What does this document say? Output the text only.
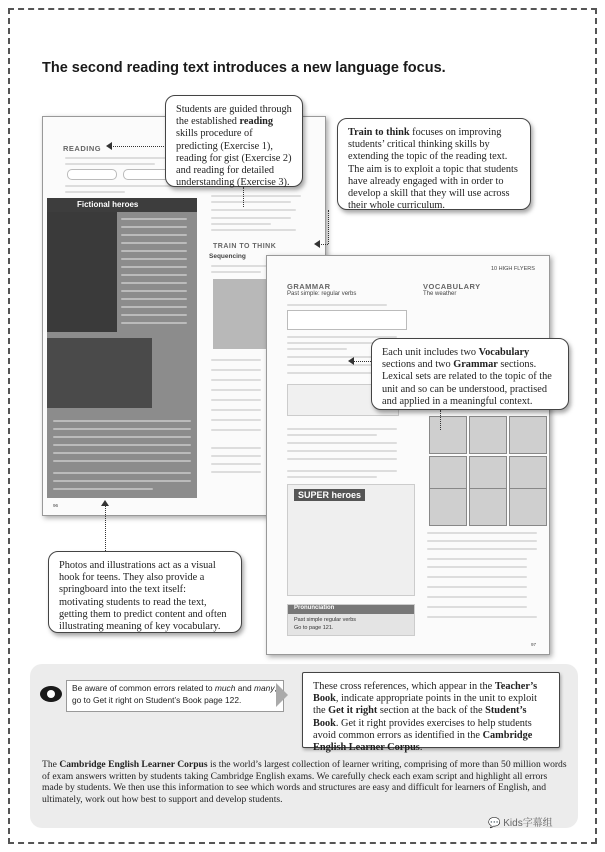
The second reading text introduces a new language focus.
READING
TRAIN TO THINK
Sequencing
96
Fictional heroes
10 HIGH FLYERS
GRAMMAR
Past simple: regular verbs
VOCABULARY
The weather
SUPER heroes
Pronunciation
Past simple regular verbs
Go to page 121.
97
Students are guided through the established reading skills procedure of predicting (Exercise 1), reading for gist (Exercise 2) and reading for detailed understanding (Exercise 3).
Train to think focuses on improving students’ critical thinking skills by extending the topic of the reading text. The aim is to exploit a topic that students have already engaged with in order to develop a skill that they will use across their whole curriculum.
Each unit includes two Vocabulary sections and two Grammar sections. Lexical sets are related to the topic of the unit and so can be understood, practised and applied in a meaningful context.
Photos and illustrations act as a visual hook for teens. They also provide a springboard into the text itself: motivating students to read the text, getting them to predict content and often illustrating meaning of key vocabulary.
Be aware of common errors related to much and many, go to Get it right on Student’s Book page 122.
These cross references, which appear in the Teacher’s Book, indicate appropriate points in the unit to exploit the Get it right section at the back of the Student’s Book. Get it right provides exercises to help students avoid common errors as identified in the Cambridge English Learner Corpus.
The Cambridge English Learner Corpus is the world’s largest collection of learner writing, comprising of more than 50 million words of exam answers written by students taking Cambridge English exams. We carefully check each exam script and highlight all errors made by students. We then use this information to see which words and structures are easy and difficult for learners of English, and ultimately, work out how best to support and develop students.
💬 Kids字幕组
